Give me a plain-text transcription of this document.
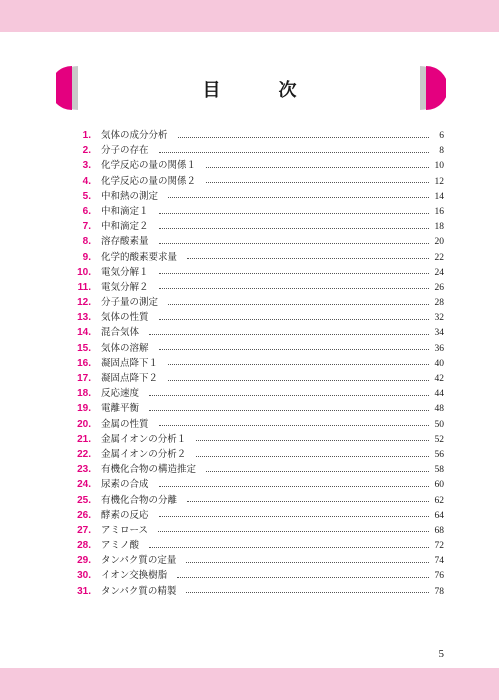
目　次
1.	気体の成分分析	6
2.	分子の存在	8
3.	化学反応の量の関係１	10
4.	化学反応の量の関係２	12
5.	中和熱の測定	14
6.	中和滴定１	16
7.	中和滴定２	18
8.	溶存酸素量	20
9.	化学的酸素要求量	22
10.	電気分解１	24
11.	電気分解２	26
12.	分子量の測定	28
13.	気体の性質	32
14.	混合気体	34
15.	気体の溶解	36
16.	凝固点降下１	40
17.	凝固点降下２	42
18.	反応速度	44
19.	電離平衡	48
20.	金属の性質	50
21.	金属イオンの分析１	52
22.	金属イオンの分析２	56
23.	有機化合物の構造推定	58
24.	尿素の合成	60
25.	有機化合物の分離	62
26.	酵素の反応	64
27.	アミロース	68
28.	アミノ酸	72
29.	タンパク質の定量	74
30.	イオン交換樹脂	76
31.	タンパク質の精製	78
5
